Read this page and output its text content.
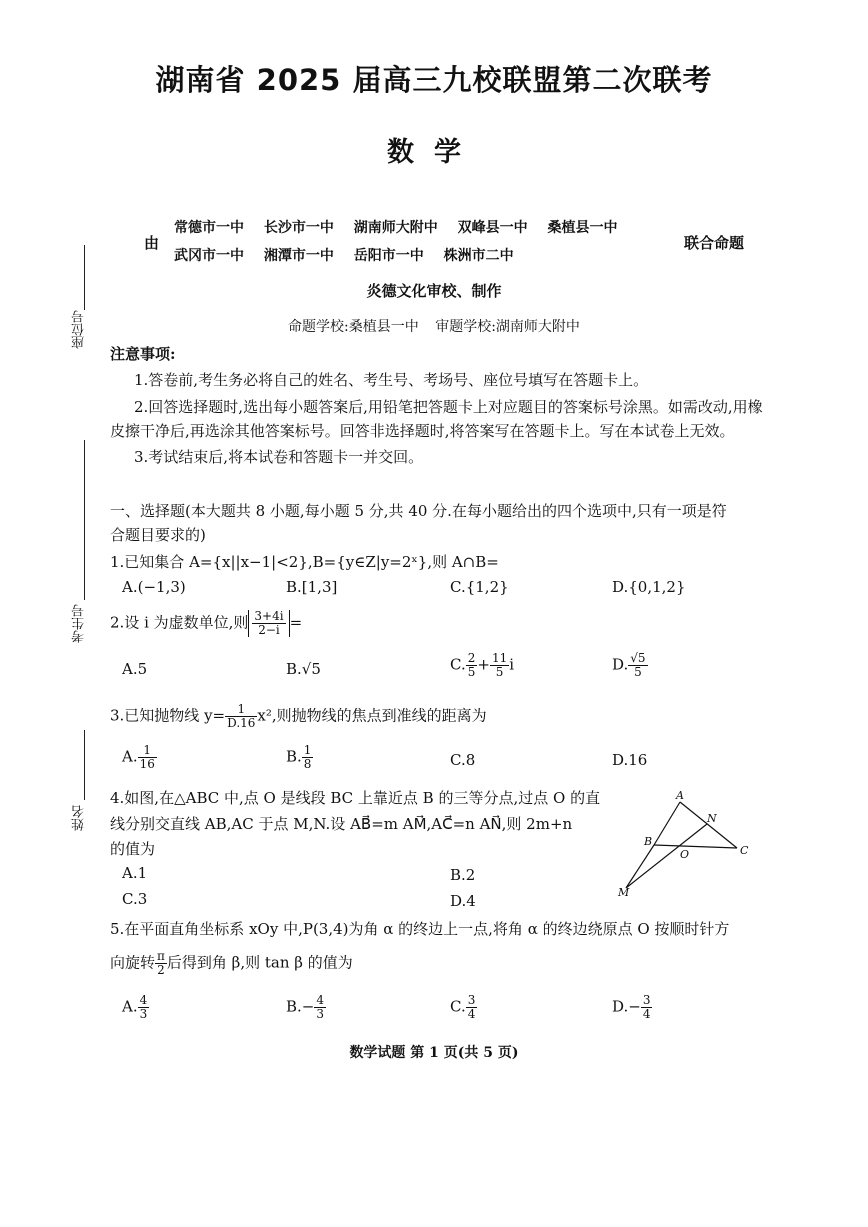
湖南省 2025 届高三九校联盟第二次联考
数学
由
常德市一中 长沙市一中 湖南师大附中 双峰县一中 桑植县一中
武冈市一中 湘潭市一中 岳阳市一中 株洲市二中
联合命题
炎德文化审校、制作
命题学校:桑植县一中 审题学校:湖南师大附中
座位号
考生号
姓名
注意事项:
1.答卷前,考生务必将自己的姓名、考生号、考场号、座位号填写在答题卡上。
2.回答选择题时,选出每小题答案后,用铅笔把答题卡上对应题目的答案标号涂黑。如需改动,用橡
皮擦干净后,再选涂其他答案标号。回答非选择题时,将答案写在答题卡上。写在本试卷上无效。
3.考试结束后,将本试卷和答题卡一并交回。
一、选择题(本大题共 8 小题,每小题 5 分,共 40 分.在每小题给出的四个选项中,只有一项是符
合题目要求的)
1.已知集合 A={x||x−1|<2},B={y∈Z|y=2ˣ},则 A∩B=
A.(−1,3)	B.[1,3]	C.{1,2}	D.{0,1,2}
2.设 i 为虚数单位,则 $\frac{3+4i}{2-i}$ =
A.5	B.√5	C. $\frac{2}{5} + \frac{11}{5}$ i	D. $\frac{√5}{5}$
3.已知抛物线 $y= \frac{1}{D.16} x^2$,则抛物线的焦点到准线的距离为
A. $\frac{1}{16}$	B. $\frac{1}{8}$	C.8	D.16
4.如图,在△ABC 中,点 O 是线段 BC 上靠近点 B 的三等分点,过点 O 的直
线分别交直线 AB,AC 于点 M,N.设 AB⃗=m AM⃗,AC⃗=n AN⃗,则 2m+n
的值为
A.1	B.2
C.3	D.4
A
B
C
N
O
M
5.在平面直角坐标系 xOy 中,P(3,4)为角 α 的终边上一点,将角 α 的终边绕原点 O 按顺时针方
向旋转 $\frac{\pi}{2}$ 后得到角 β,则 tan β 的值为
A. $\frac{4}{3}$	$B.- \frac{4}{3}$	C. $\frac{3}{4}$	$D.- \frac{3}{4}$
数学试题 第 1 页(共 5 页)
